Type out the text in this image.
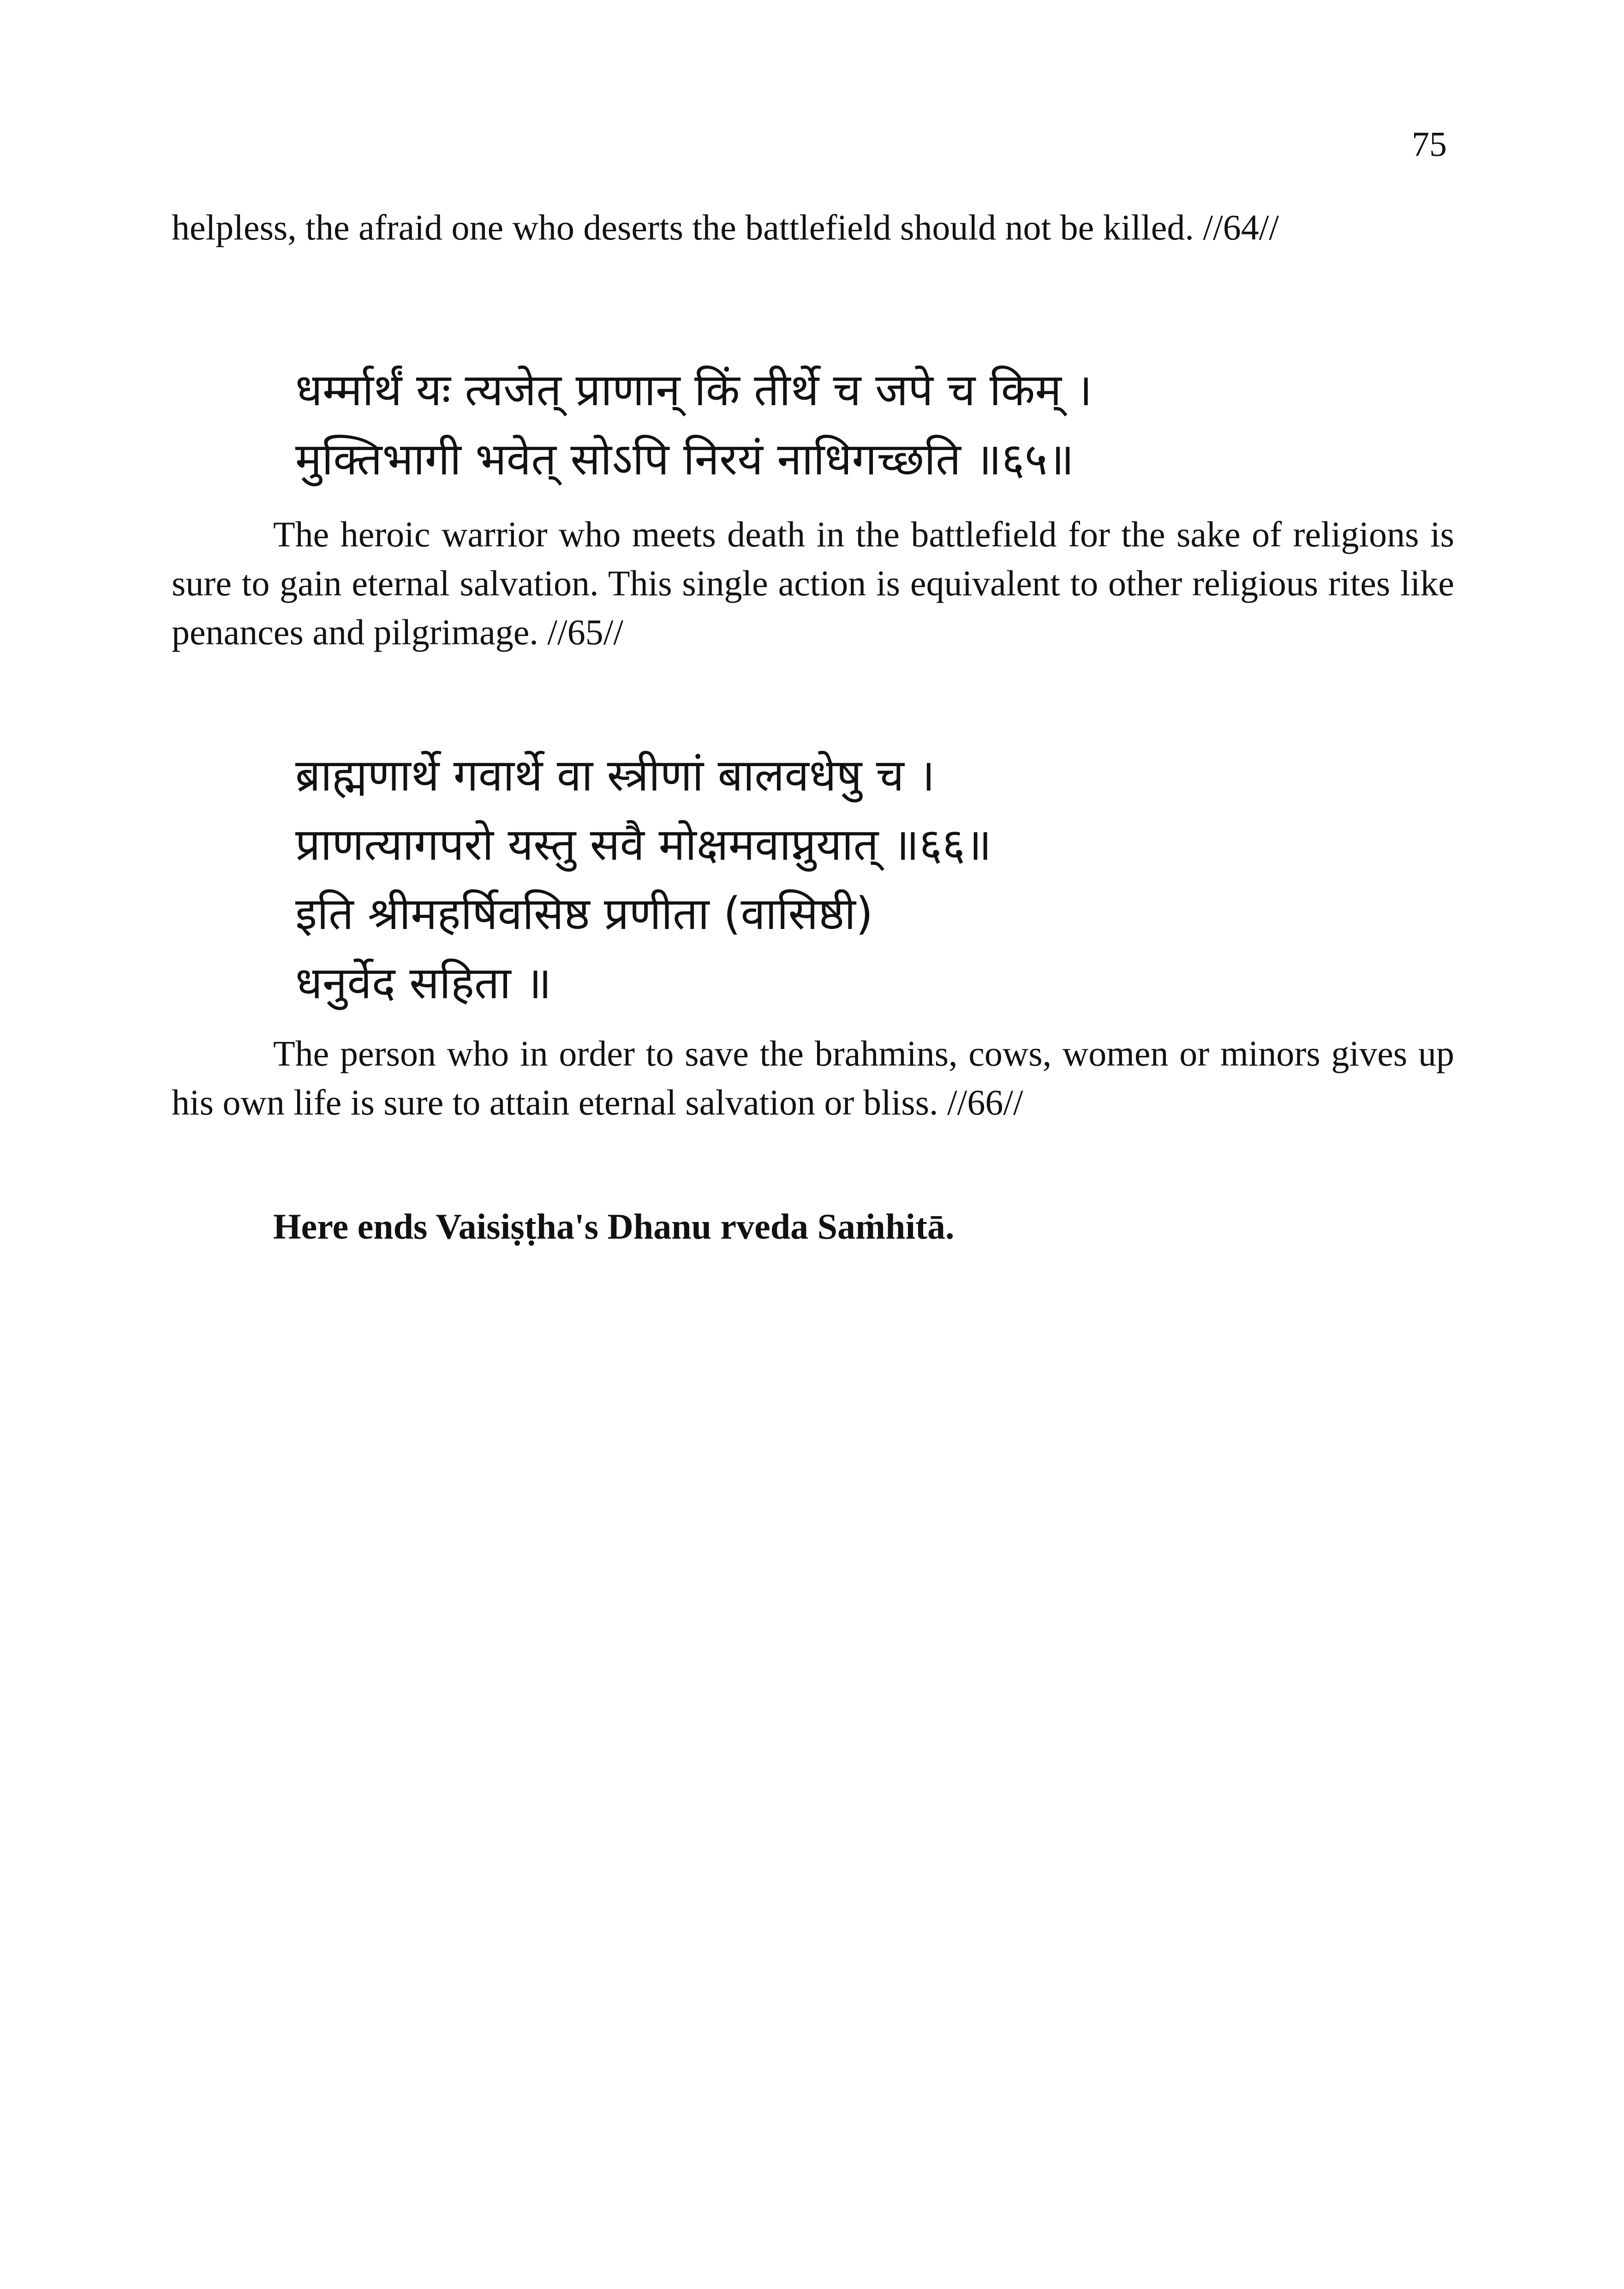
75

helpless, the afraid one who deserts the battlefield should not be killed. //64//

धर्म्मार्थं यः त्यजेत् प्राणान् किं तीर्थे च जपे च किम् ।
मुक्तिभागी भवेत् सोऽपि निरयं नाधिगच्छति ॥६५॥

The heroic warrior who meets death in the battlefield for the sake of religions is sure to gain eternal salvation. This single action is equivalent to other religious rites like penances and pilgrimage. //65//

ब्राह्मणार्थे गवार्थे वा स्त्रीणां बालवधेषु च ।
प्राणत्यागपरो यस्तु सवै मोक्षमवाप्नुयात् ॥६६॥
इति श्रीमहर्षिवसिष्ठ प्रणीता (वासिष्ठी)
धनुर्वेद सहिता ॥

The person who in order to save the brahmins, cows, women or minors gives up his own life is sure to attain eternal salvation or bliss. //66//

Here ends Vaisiṣṭha's Dhanu rveda Saṁhitā.
